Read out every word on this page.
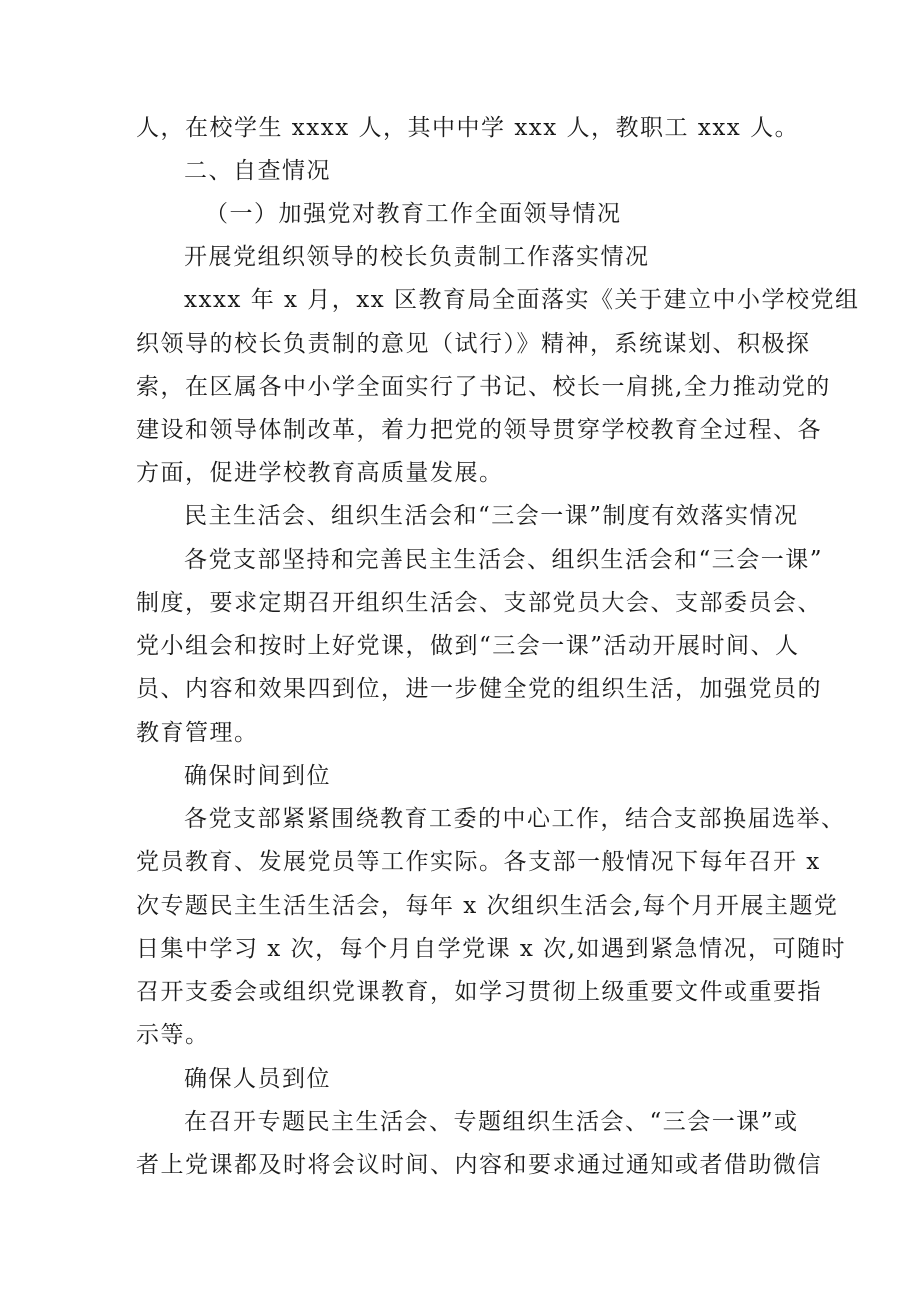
人，在校学生 xxxx 人，其中中学 xxx 人，教职工 xxx 人。
二、自查情况
（一）加强党对教育工作全面领导情况
开展党组织领导的校长负责制工作落实情况
xxxx 年 x 月，xx 区教育局全面落实《关于建立中小学校党组
织领导的校长负责制的意见（试行）》精神，系统谋划、积极探
索，在区属各中小学全面实行了书记、校长一肩挑,全力推动党的
建设和领导体制改革，着力把党的领导贯穿学校教育全过程、各
方面，促进学校教育高质量发展。
民主生活会、组织生活会和“三会一课”制度有效落实情况
各党支部坚持和完善民主生活会、组织生活会和“三会一课”
制度，要求定期召开组织生活会、支部党员大会、支部委员会、
党小组会和按时上好党课，做到“三会一课”活动开展时间、人
员、内容和效果四到位，进一步健全党的组织生活，加强党员的
教育管理。
确保时间到位
各党支部紧紧围绕教育工委的中心工作，结合支部换届选举、
党员教育、发展党员等工作实际。各支部一般情况下每年召开 x
次专题民主生活生活会，每年 x 次组织生活会,每个月开展主题党
日集中学习 x 次，每个月自学党课 x 次,如遇到紧急情况，可随时
召开支委会或组织党课教育，如学习贯彻上级重要文件或重要指
示等。
确保人员到位
在召开专题民主生活会、专题组织生活会、“三会一课”或
者上党课都及时将会议时间、内容和要求通过通知或者借助微信
